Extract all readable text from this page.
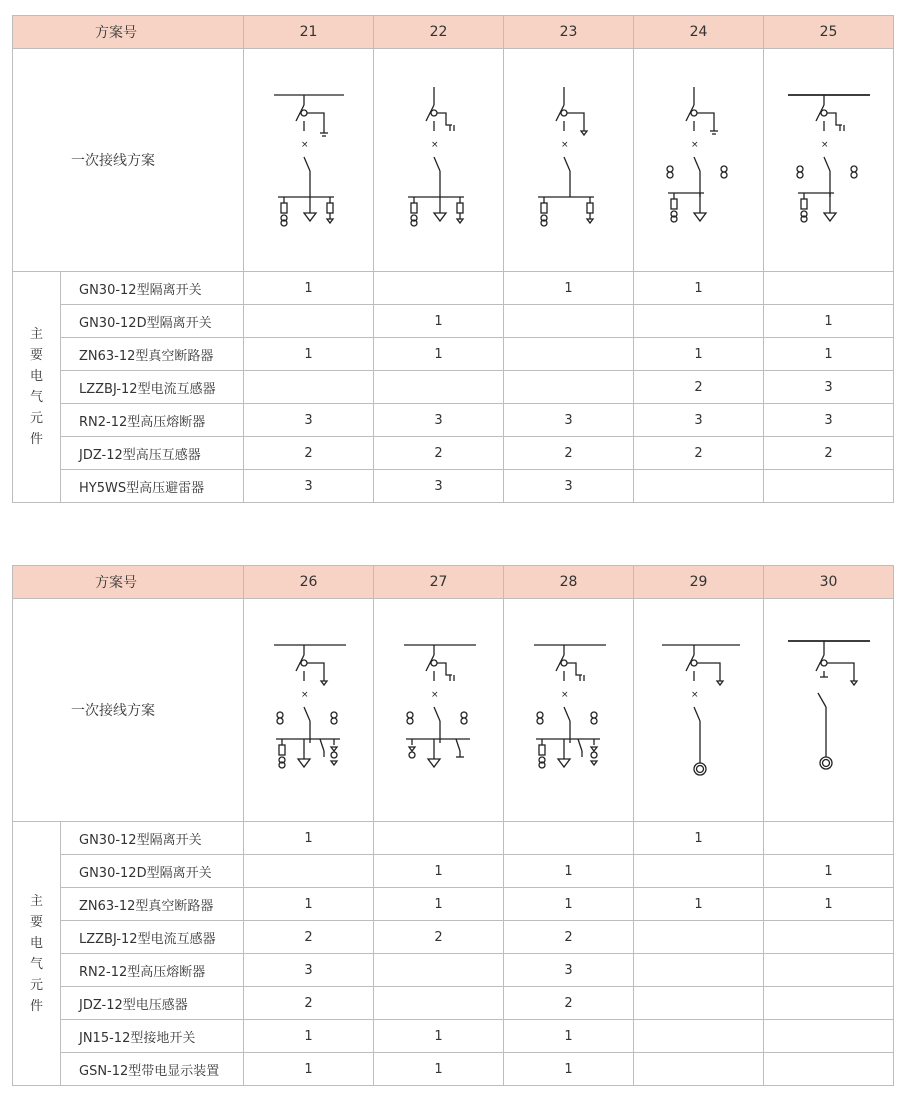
方案号		21	22	23	24	25
一次接线方案		×	×	×	×	×

主要电气元件	GN30-12型隔离开关	1		1	1	
	GN30-12D型隔离开关		1			1
	ZN63-12型真空断路器	1	1		1	1
	LZZBJ-12型电流互感器				2	3
	RN2-12型高压熔断器	3	3	3	3	3
	JDZ-12型高压互感器	2	2	2	2	2
	HY5WS型高压避雷器	3	3	3		
方案号		26	27	28	29	30
一次接线方案		×	×	×	×

主要电气元件	GN30-12型隔离开关	1			1	
	GN30-12D型隔离开关		1	1		1
	ZN63-12型真空断路器	1	1	1	1	1
	LZZBJ-12型电流互感器	2	2	2		
	RN2-12型高压熔断器	3		3		
	JDZ-12型电压感器	2		2		
	JN15-12型接地开关	1	1	1		
	GSN-12型带电显示装置	1	1	1		
